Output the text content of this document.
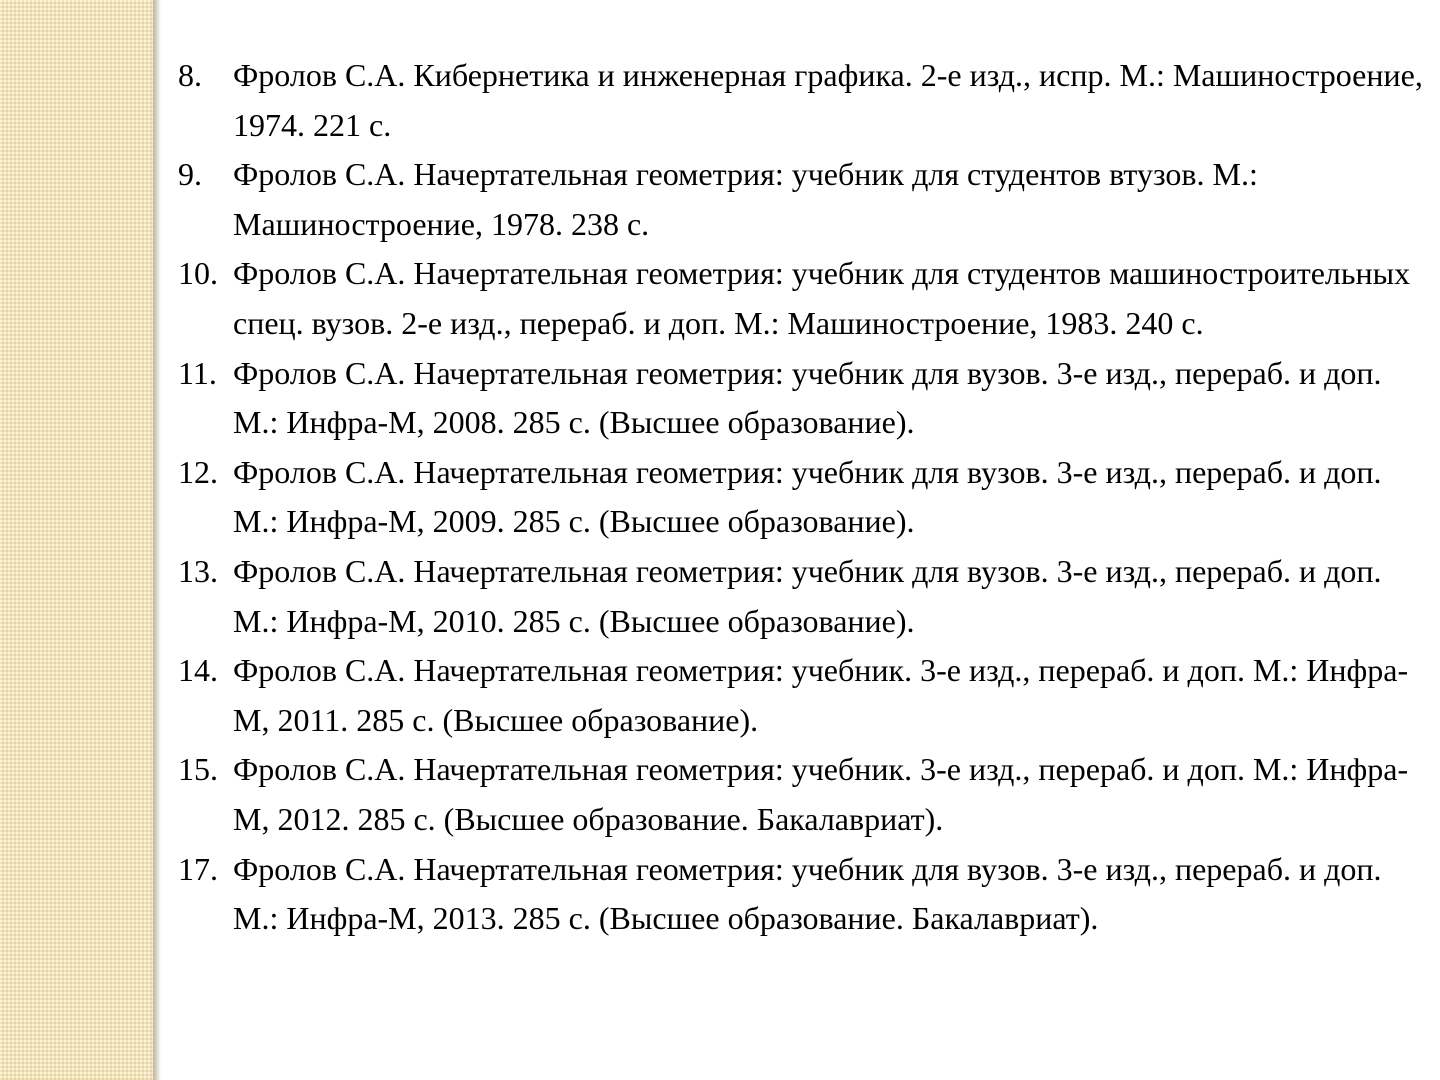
8. Фролов С.А. Кибернетика и инженерная графика. 2-е изд., испр. М.: Машиностроение, 1974. 221 с.
9. Фролов С.А. Начертательная геометрия: учебник для студентов втузов. М.: Машиностроение, 1978. 238 с.
10. Фролов С.А. Начертательная геометрия: учебник для студентов машиностроительных спец. вузов. 2-е изд., перераб. и доп. М.: Машиностроение, 1983. 240 с.
11. Фролов С.А. Начертательная геометрия: учебник для вузов. 3-е изд., перераб. и доп. М.: Инфра-М, 2008. 285 с. (Высшее образование).
12. Фролов С.А. Начертательная геометрия: учебник для вузов. 3-е изд., перераб. и доп. М.: Инфра-М, 2009. 285 с. (Высшее образование).
13. Фролов С.А. Начертательная геометрия: учебник для вузов. 3-е изд., перераб. и доп. М.: Инфра-М, 2010. 285 с. (Высшее образование).
14. Фролов С.А. Начертательная геометрия: учебник. 3-е изд., перераб. и доп. М.: Инфра-М, 2011. 285 с. (Высшее образование).
15. Фролов С.А. Начертательная геометрия: учебник. 3-е изд., перераб. и доп. М.: Инфра-М, 2012. 285 с. (Высшее образование. Бакалавриат).
17. Фролов С.А. Начертательная геометрия: учебник для вузов. 3-е изд., перераб. и доп. М.: Инфра-М, 2013. 285 с. (Высшее образование. Бакалавриат).
